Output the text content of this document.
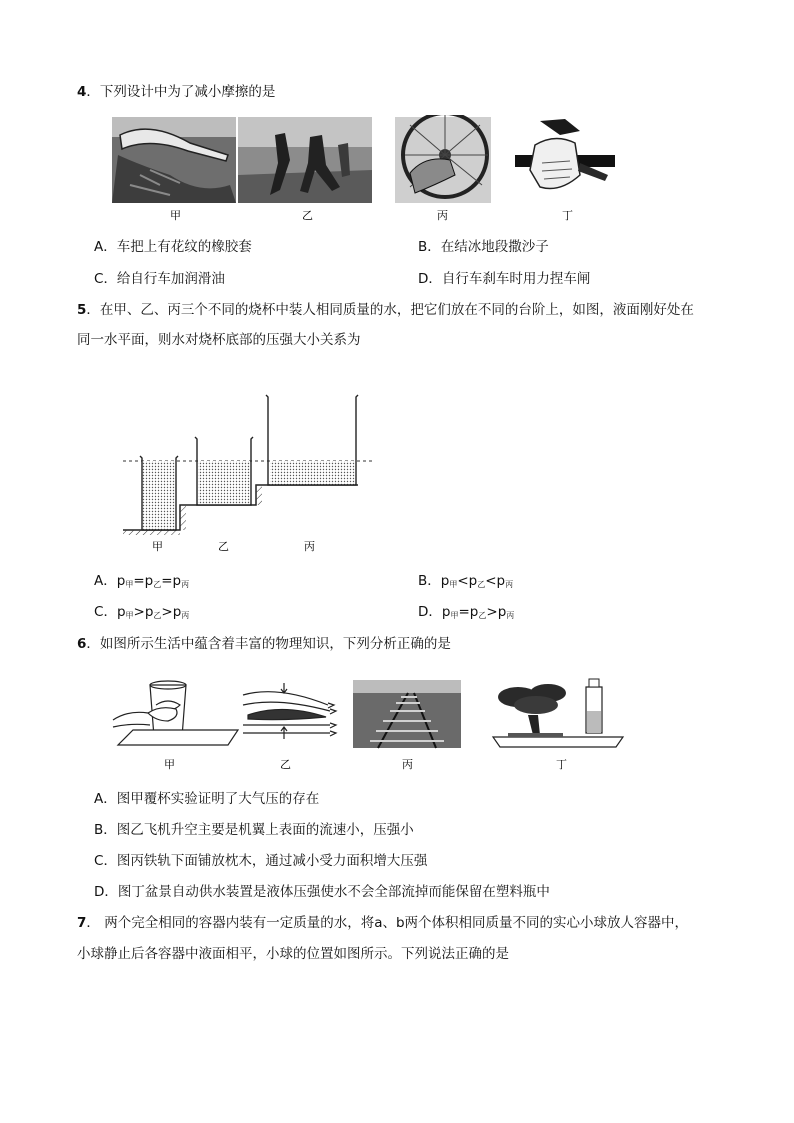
4．下列设计中为了减小摩擦的是
甲	乙	丙	丁
A．车把上有花纹的橡胶套	B．在结冰地段撒沙子
C．给自行车加润滑油	D．自行车刹车时用力捏车闸
5．在甲、乙、丙三个不同的烧杯中装人相同质量的水，把它们放在不同的台阶上，如图，液面刚好处在
同一水平面，则水对烧杯底部的压强大小关系为
甲	乙	丙
A．$p_甲=p_乙=p_丙$	B．$p_甲<p_乙<p_丙$
C．$p_甲>p_乙>p_丙$	D．$p_甲=p_乙>p_丙$
6．如图所示生活中蕴含着丰富的物理知识，下列分析正确的是
甲	乙	丙	丁
A．图甲覆杯实验证明了大气压的存在
B．图乙飞机升空主要是机翼上表面的流速小，压强小
C．图丙铁轨下面铺放枕木，通过减小受力面积增大压强
D．图丁盆景自动供水装置是液体压强使水不会全部流掉而能保留在塑料瓶中
7． 两个完全相同的容器内装有一定质量的水，将a、b两个体积相同质量不同的实心小球放人容器中，
小球静止后各容器中液面相平，小球的位置如图所示。下列说法正确的是
